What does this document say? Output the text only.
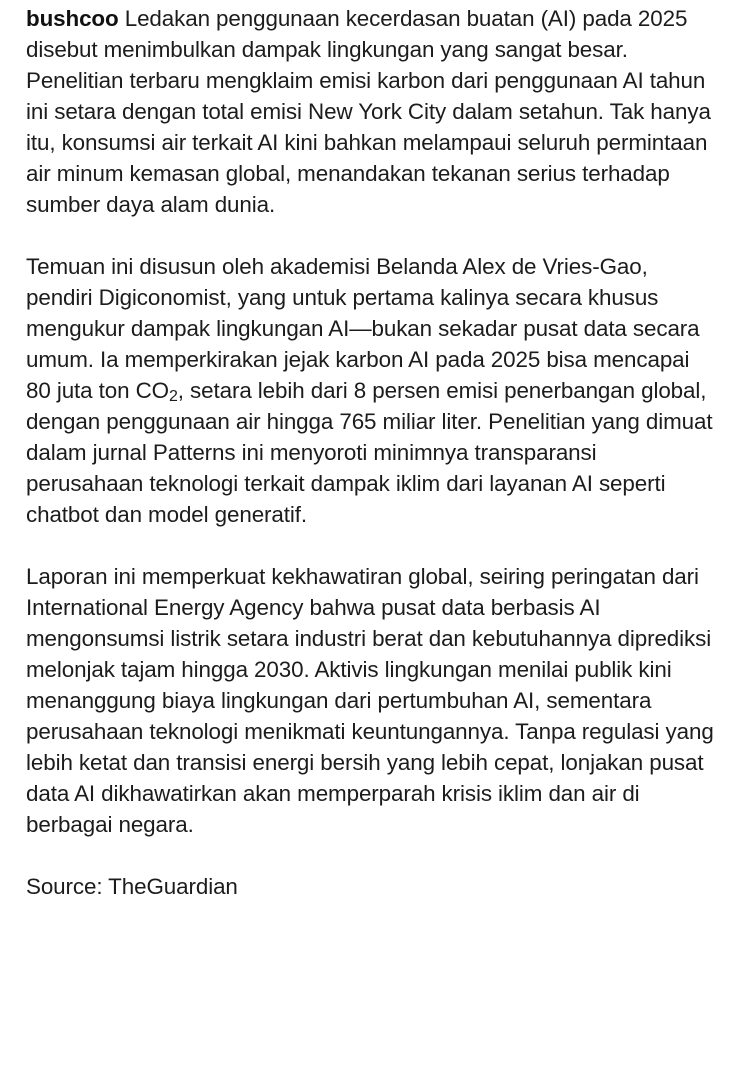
bushcoo Ledakan penggunaan kecerdasan buatan (AI) pada 2025 disebut menimbulkan dampak lingkungan yang sangat besar. Penelitian terbaru mengklaim emisi karbon dari penggunaan AI tahun ini setara dengan total emisi New York City dalam setahun. Tak hanya itu, konsumsi air terkait AI kini bahkan melampaui seluruh permintaan air minum kemasan global, menandakan tekanan serius terhadap sumber daya alam dunia.

Temuan ini disusun oleh akademisi Belanda Alex de Vries-Gao, pendiri Digiconomist, yang untuk pertama kalinya secara khusus mengukur dampak lingkungan AI—bukan sekadar pusat data secara umum. Ia memperkirakan jejak karbon AI pada 2025 bisa mencapai 80 juta ton $CO_2$, setara lebih dari 8 persen emisi penerbangan global, dengan penggunaan air hingga 765 miliar liter. Penelitian yang dimuat dalam jurnal Patterns ini menyoroti minimnya transparansi perusahaan teknologi terkait dampak iklim dari layanan AI seperti chatbot dan model generatif.

Laporan ini memperkuat kekhawatiran global, seiring peringatan dari International Energy Agency bahwa pusat data berbasis AI mengonsumsi listrik setara industri berat dan kebutuhannya diprediksi melonjak tajam hingga 2030. Aktivis lingkungan menilai publik kini menanggung biaya lingkungan dari pertumbuhan AI, sementara perusahaan teknologi menikmati keuntungannya. Tanpa regulasi yang lebih ketat dan transisi energi bersih yang lebih cepat, lonjakan pusat data AI dikhawatirkan akan memperparah krisis iklim dan air di berbagai negara.

Source: TheGuardian
